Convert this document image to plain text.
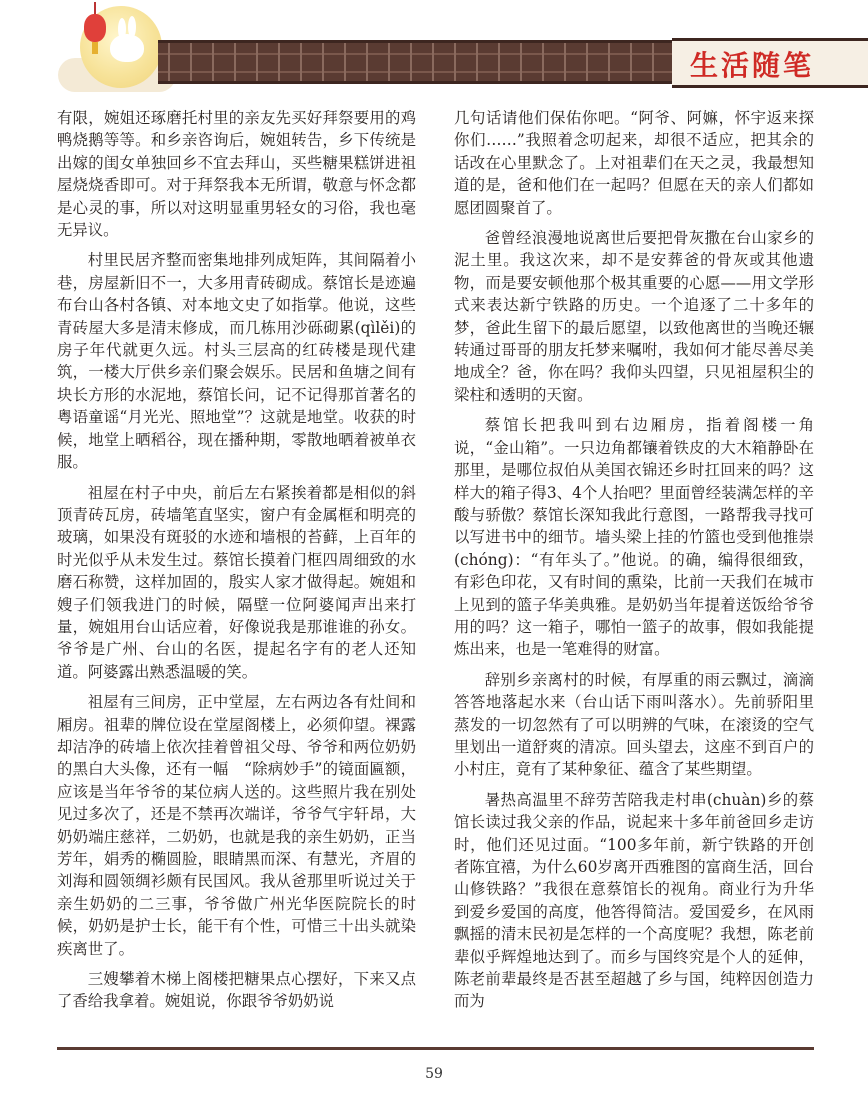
生活随笔

有限，婉姐还琢磨托村里的亲友先买好拜祭要用的鸡鸭烧鹅等等。和乡亲咨询后，婉姐转告，乡下传统是出嫁的闺女单独回乡不宜去拜山，买些糖果糕饼进祖屋烧烧香即可。对于拜祭我本无所谓，敬意与怀念都是心灵的事，所以对这明显重男轻女的习俗，我也毫无异议。

村里民居齐整而密集地排列成矩阵，其间隔着小巷，房屋新旧不一，大多用青砖砌成。蔡馆长是迹遍布台山各村各镇、对本地文史了如指掌。他说，这些青砖屋大多是清末修成，而几栋用沙砾砌累(qìlěi)的房子年代就更久远。村头三层高的红砖楼是现代建筑，一楼大厅供乡亲们聚会娱乐。民居和鱼塘之间有块长方形的水泥地，蔡馆长问，记不记得那首著名的粤语童谣“月光光、照地堂”？这就是地堂。收获的时候，地堂上晒稻谷，现在播种期，零散地晒着被单衣服。

祖屋在村子中央，前后左右紧挨着都是相似的斜顶青砖瓦房，砖墙笔直坚实，窗户有金属框和明亮的玻璃，如果没有斑驳的水迹和墙根的苔藓，上百年的时光似乎从未发生过。蔡馆长摸着门框四周细致的水磨石称赞，这样加固的，殷实人家才做得起。婉姐和嫂子们领我进门的时候，隔壁一位阿婆闻声出来打量，婉姐用台山话应着，好像说我是那谁谁的孙女。爷爷是广州、台山的名医，提起名字有的老人还知道。阿婆露出熟悉温暖的笑。

祖屋有三间房，正中堂屋，左右两边各有灶间和厢房。祖辈的牌位设在堂屋阁楼上，必须仰望。裸露却洁净的砖墙上依次挂着曾祖父母、爷爷和两位奶奶的黑白大头像，还有一幅　“除病妙手”的镜面匾额，应该是当年爷爷的某位病人送的。这些照片我在别处见过多次了，还是不禁再次端详，爷爷气宇轩昂，大奶奶端庄慈祥，二奶奶，也就是我的亲生奶奶，正当芳年，娟秀的椭圆脸，眼睛黑而深、有慧光，齐眉的刘海和圆领绸衫颇有民国风。我从爸那里听说过关于亲生奶奶的二三事，爷爷做广州光华医院院长的时候，奶奶是护士长，能干有个性，可惜三十出头就染疾离世了。

三嫂攀着木梯上阁楼把糖果点心摆好，下来又点了香给我拿着。婉姐说，你跟爷爷奶奶说

几句话请他们保佑你吧。“阿爷、阿嫲，怀宇返来探你们……”我照着念叨起来，却很不适应，把其余的话改在心里默念了。上对祖辈们在天之灵，我最想知道的是，爸和他们在一起吗？但愿在天的亲人们都如愿团圆聚首了。

爸曾经浪漫地说离世后要把骨灰撒在台山家乡的泥土里。我这次来，却不是安葬爸的骨灰或其他遗物，而是要安顿他那个极其重要的心愿——用文学形式来表达新宁铁路的历史。一个追逐了二十多年的梦，爸此生留下的最后愿望，以致他离世的当晚还辗转通过哥哥的朋友托梦来嘱咐，我如何才能尽善尽美地成全？爸，你在吗？我仰头四望，只见祖屋积尘的梁柱和透明的天窗。

蔡馆长把我叫到右边厢房，指着阁楼一角说，“金山箱”。一只边角都镶着铁皮的大木箱静卧在那里，是哪位叔伯从美国衣锦还乡时扛回来的吗？这样大的箱子得3、4个人抬吧？里面曾经装满怎样的辛酸与骄傲？蔡馆长深知我此行意图，一路帮我寻找可以写进书中的细节。墙头梁上挂的竹篮也受到他推崇(chóng)：“有年头了。”他说。的确，编得很细致，有彩色印花，又有时间的熏染，比前一天我们在城市上见到的篮子华美典雅。是奶奶当年提着送饭给爷爷用的吗？这一箱子，哪怕一篮子的故事，假如我能提炼出来，也是一笔难得的财富。

辞别乡亲离村的时候，有厚重的雨云飘过，滴滴答答地落起水来（台山话下雨叫落水）。先前骄阳里蒸发的一切忽然有了可以明辨的气味，在滚烫的空气里划出一道舒爽的清凉。回头望去，这座不到百户的小村庄，竟有了某种象征、蕴含了某些期望。

暑热高温里不辞劳苦陪我走村串(chuàn)乡的蔡馆长读过我父亲的作品，说起来十多年前爸回乡走访时，他们还见过面。“100多年前，新宁铁路的开创者陈宜禧，为什么60岁离开西雅图的富商生活，回台山修铁路？”我很在意蔡馆长的视角。商业行为升华到爱乡爱国的高度，他答得简洁。爱国爱乡，在风雨飘摇的清末民初是怎样的一个高度呢？我想，陈老前辈似乎辉煌地达到了。而乡与国终究是个人的延伸，陈老前辈最终是否甚至超越了乡与国，纯粹因创造力而为

59
